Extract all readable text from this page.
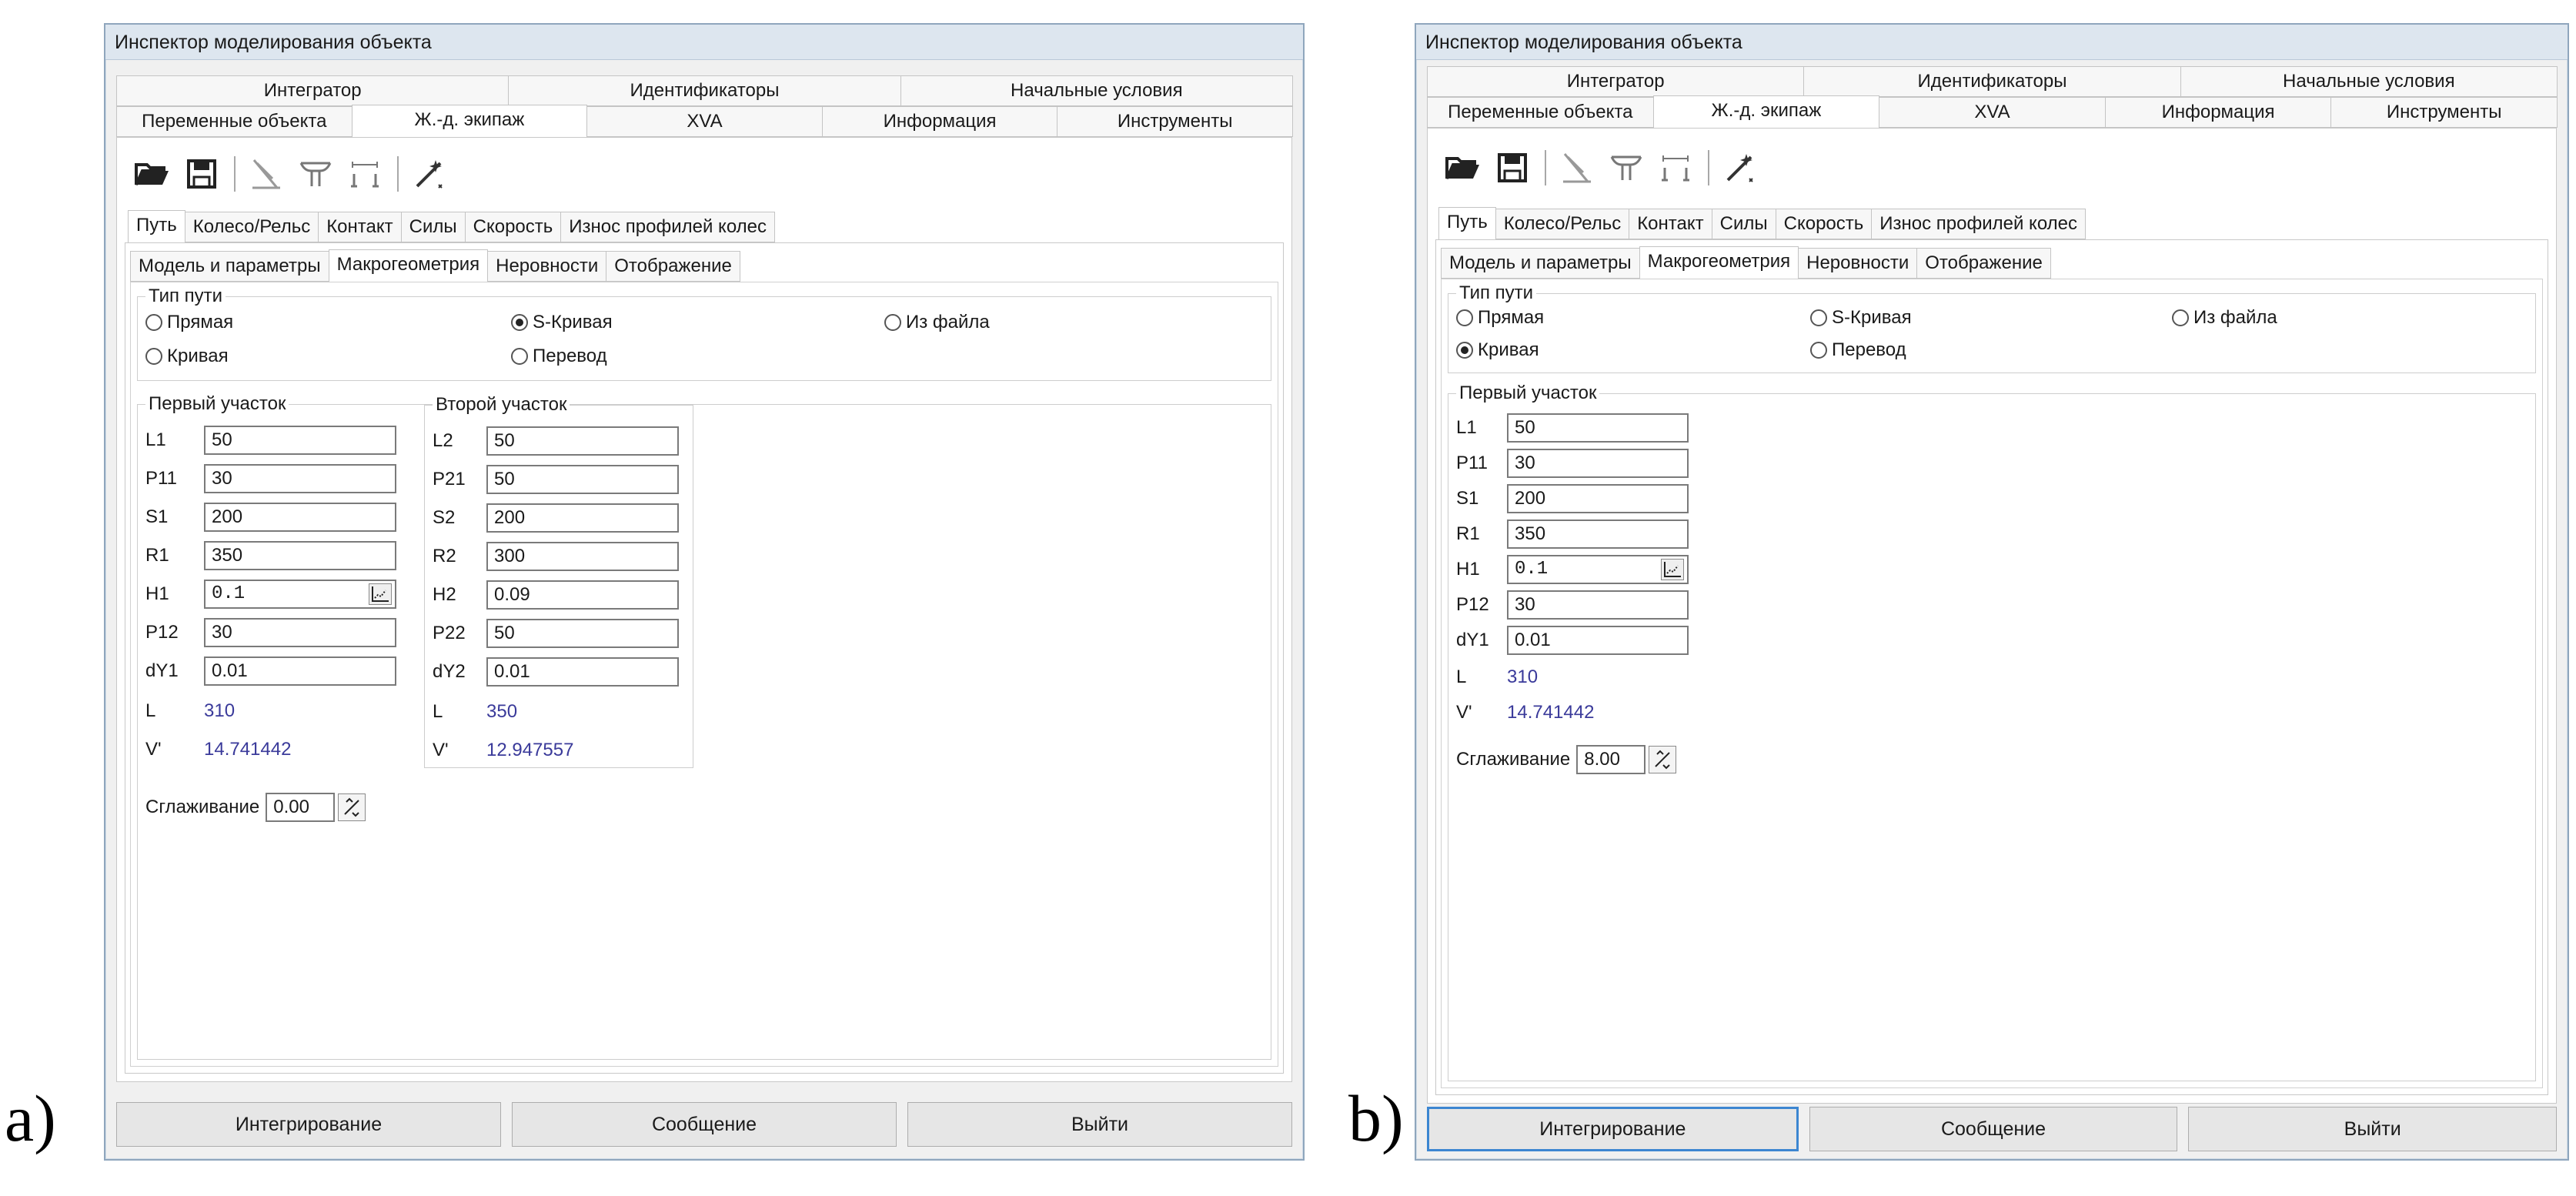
a)	b)
Инспектор моделирования объекта
Интегратор	Идентификаторы	Начальные условия
Переменные объекта	Ж.-д. экипаж	XVA	Информация	Инструменты
Путь Колесо/Рельс Контакт Силы Скорость Износ профилей колес
Модель и параметры Макрогеометрия Неровности Отображение
Тип пути
Прямая
Кривая
S-Кривая
Перевод
Из файла
Первый участок
L1	50
P11	30
S1	200
R1	350
H1	0.1
P12	30
dY1	0.01
L	310
V'	14.741442
Сглаживание 0.00
Второй участок
L2	50
P21	50
S2	200
R2	300
H2	0.09
P22	50
dY2	0.01
L	350
V'	12.947557
Интегрирование	Сообщение	Выйти
Инспектор моделирования объекта
Интегратор	Идентификаторы	Начальные условия
Переменные объекта	Ж.-д. экипаж	XVA	Информация	Инструменты
Путь Колесо/Рельс Контакт Силы Скорость Износ профилей колес
Модель и параметры Макрогеометрия Неровности Отображение
Тип пути
Прямая
Кривая
S-Кривая
Перевод
Из файла
Первый участок
L1	50
P11	30
S1	200
R1	350
H1	0.1
P12	30
dY1	0.01
L	310
V'	14.741442
Сглаживание 8.00
Интегрирование	Сообщение	Выйти
